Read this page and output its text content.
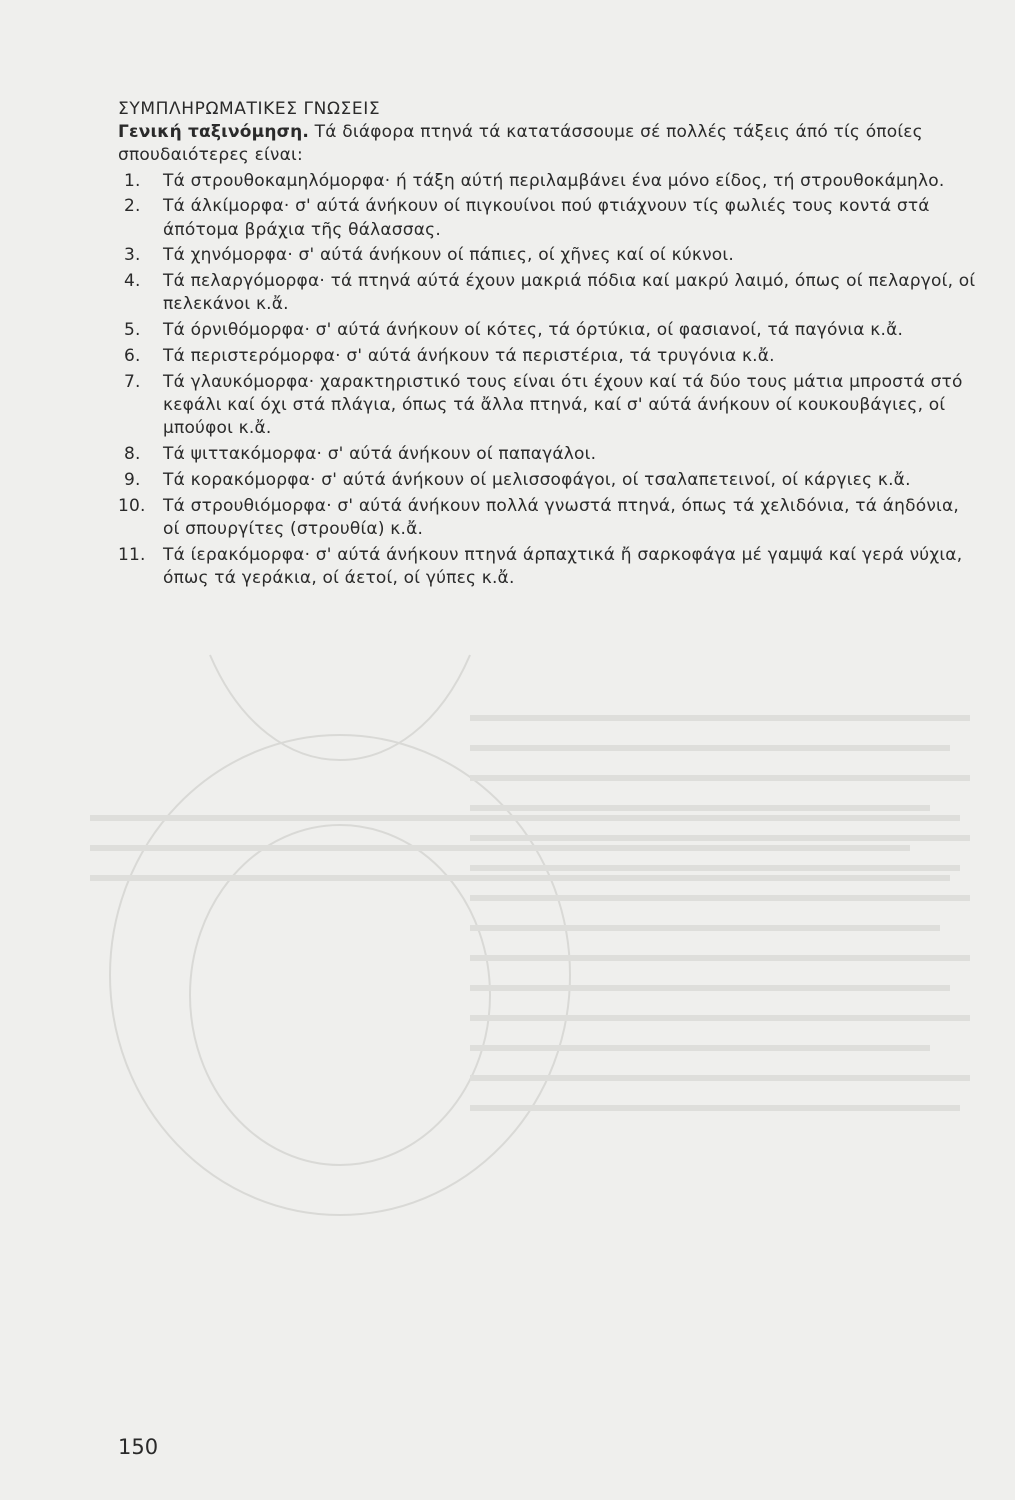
ΣΥΜΠΛΗΡΩΜΑΤΙΚΕΣ ΓΝΩΣΕΙΣ

Γενική ταξινόμηση. Τά διάφορα πτηνά τά κατατάσσουμε σέ πολλές τάξεις άπό τίς όποίες σπουδαιότερες είναι:

1.	Τά στρουθοκαμηλόμορφα· ή τάξη αύτή περιλαμβάνει ένα μόνο είδος, τή στρουθοκάμηλο.
2.	Τά άλκίμορφα· σ' αύτά άνήκουν οί πιγκουίνοι πού φτιάχνουν τίς φωλιές τους κοντά στά άπότομα βράχια τῆς θάλασσας.
3.	Τά χηνόμορφα· σ' αύτά άνήκουν οί πάπιες, οί χῆνες καί οί κύκνοι.
4.	Τά πελαργόμορφα· τά πτηνά αύτά έχουν μακριά πόδια καί μακρύ λαιμό, όπως οί πελαργοί, οί πελεκάνοι κ.ἄ.
5.	Τά όρνιθόμορφα· σ' αύτά άνήκουν οί κότες, τά όρτύκια, οί φασιανοί, τά παγόνια κ.ἄ.
6.	Τά περιστερόμορφα· σ' αύτά άνήκουν τά περιστέρια, τά τρυγόνια κ.ἄ.
7.	Τά γλαυκόμορφα· χαρακτηριστικό τους είναι ότι έχουν καί τά δύο τους μάτια μπροστά στό κεφάλι καί όχι στά πλάγια, όπως τά ἄλλα πτηνά, καί σ' αύτά άνήκουν οί κουκουβάγιες, οί μπούφοι κ.ἄ.
8.	Τά ψιττακόμορφα· σ' αύτά άνήκουν οί παπαγάλοι.
9.	Τά κορακόμορφα· σ' αύτά άνήκουν οί μελισσοφάγοι, οί τσαλαπετεινοί, οί κάργιες κ.ἄ.
10.	Τά στρουθιόμορφα· σ' αύτά άνήκουν πολλά γνωστά πτηνά, όπως τά χελιδόνια, τά άηδόνια, οί σπουργίτες (στρουθία) κ.ἄ.
11.	Τά ίερακόμορφα· σ' αύτά άνήκουν πτηνά άρπαχτικά ἤ σαρκοφάγα μέ γαμψά καί γερά νύχια, όπως τά γεράκια, οί άετοί, οί γύπες κ.ἄ.
150
